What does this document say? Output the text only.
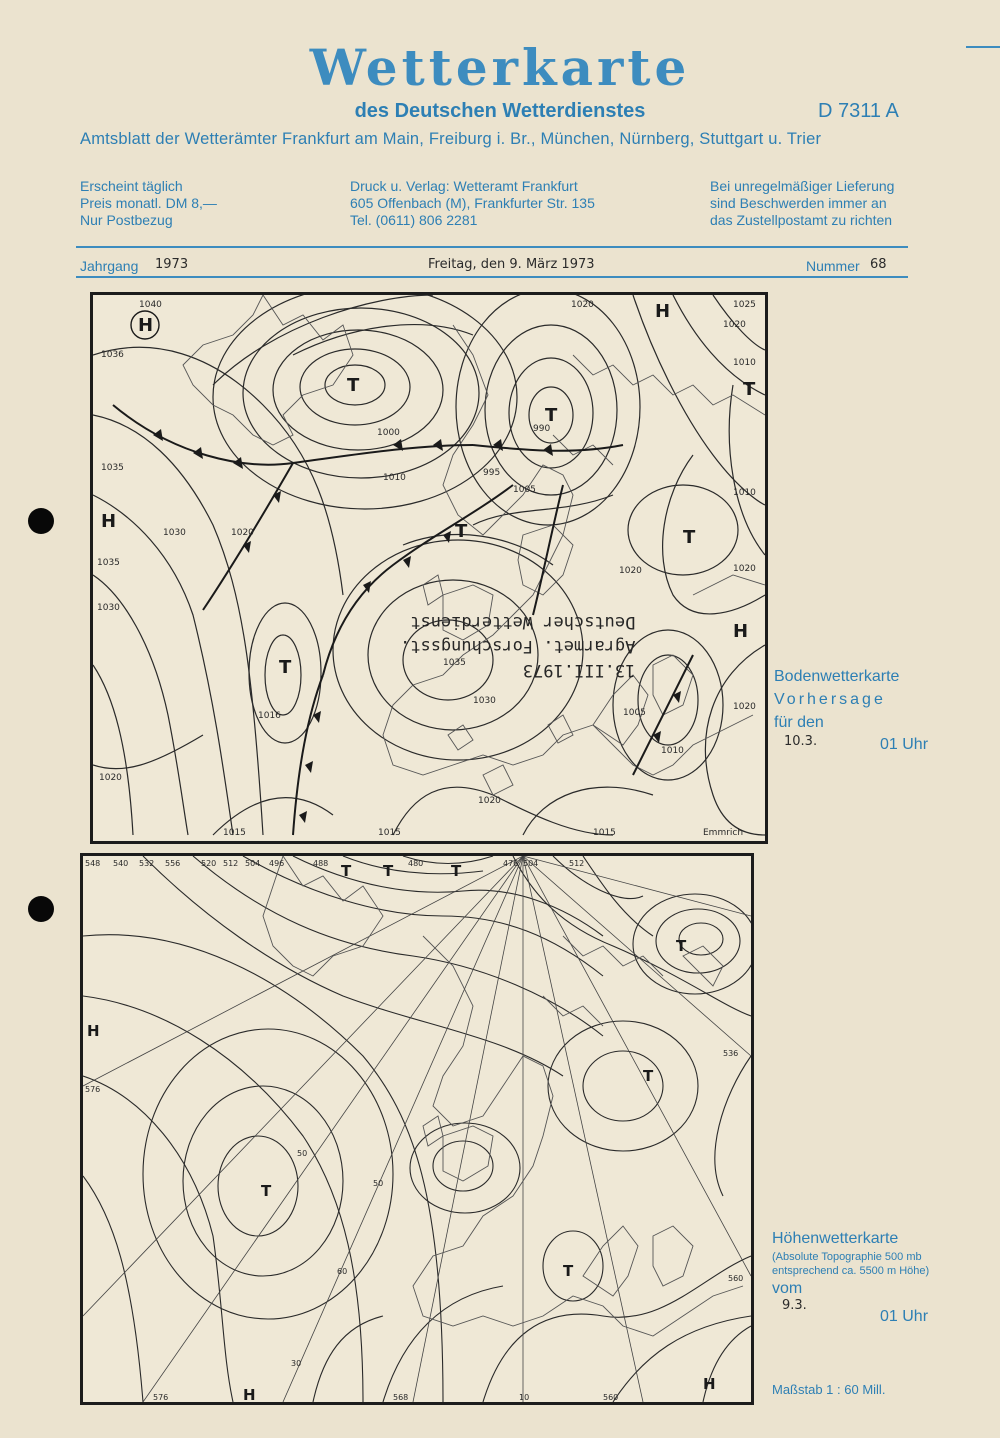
Wetterkarte
des Deutschen Wetterdienstes	D 7311 A
Amtsblatt der Wetterämter Frankfurt am Main, Freiburg i. Br., München, Nürnberg, Stuttgart u. Trier
Erscheint täglich
Preis monatl. DM 8,—
Nur Postbezug
Druck u. Verlag: Wetteramt Frankfurt
605 Offenbach (M), Frankfurter Str. 135
Tel. (0611) 806 2281
Bei unregelmäßiger Lieferung
sind Beschwerden immer an
das Zustellpostamt zu richten
Jahrgang 1973	Freitag, den 9. März 1973	Nummer 68
H
H
H
H
T
T
T
T
T
T
1040
1036
1035
1030	1020
1035
1030
1020
1015	1015	1015
1020
1016
1010
1000
995
990
1005
1020
1020
1025
1010
1010
1020
1020
1020
1030
1035
1005
1010
Emmrich
13.III.1973
Agrarmet. Forschungsst.
Deutscher Wetterdienst
Bodenwetterkarte
Vorhersage
für den
10.3.	01 Uhr
T T	T
T
T
T
T
H
H
H
548 540 532 556	520 512 504 496	488	480	476 504	512
576
576	568	560
560
536
50
50
60
30
10
Höhenwetterkarte
(Absolute Topographie 500 mb
entsprechend ca. 5500 m Höhe)
vom
9.3.
01 Uhr
Maßstab 1 : 60 Mill.
